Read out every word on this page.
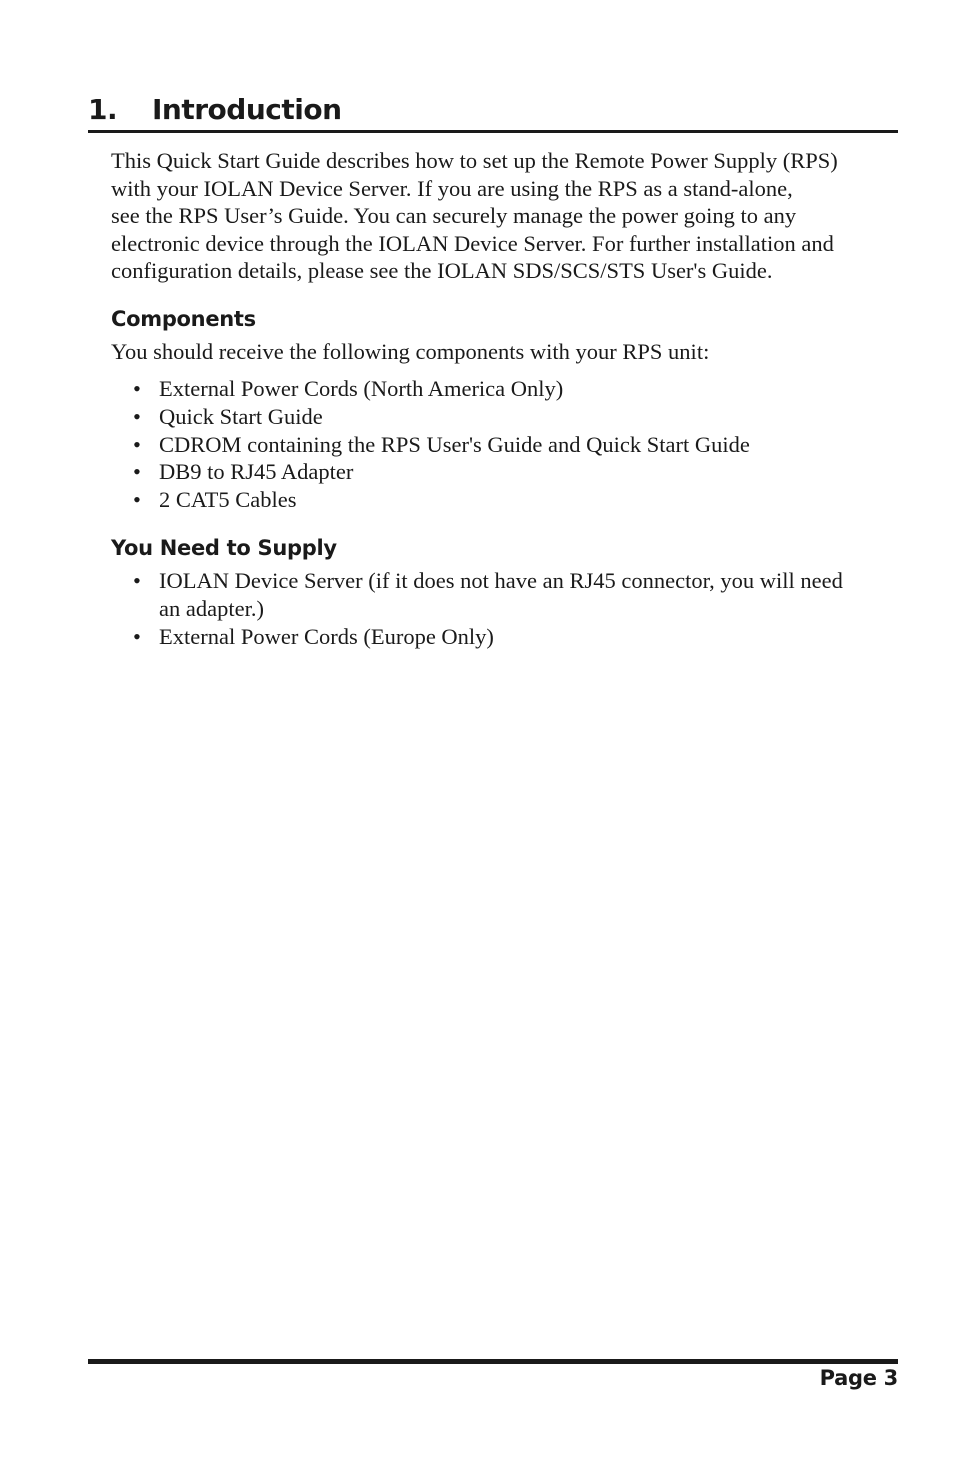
1. Introduction
This Quick Start Guide describes how to set up the Remote Power Supply (RPS)
with your IOLAN Device Server. If you are using the RPS as a stand-alone,
see the RPS User’s Guide. You can securely manage the power going to any
electronic device through the IOLAN Device Server. For further installation and
configuration details, please see the IOLAN SDS/SCS/STS User's Guide.
Components
You should receive the following components with your RPS unit:
• External Power Cords (North America Only)
• Quick Start Guide
• CDROM containing the RPS User's Guide and Quick Start Guide
• DB9 to RJ45 Adapter
• 2 CAT5 Cables
You Need to Supply
• IOLAN Device Server (if it does not have an RJ45 connector, you will need
an adapter.)
• External Power Cords (Europe Only)
Page 3
